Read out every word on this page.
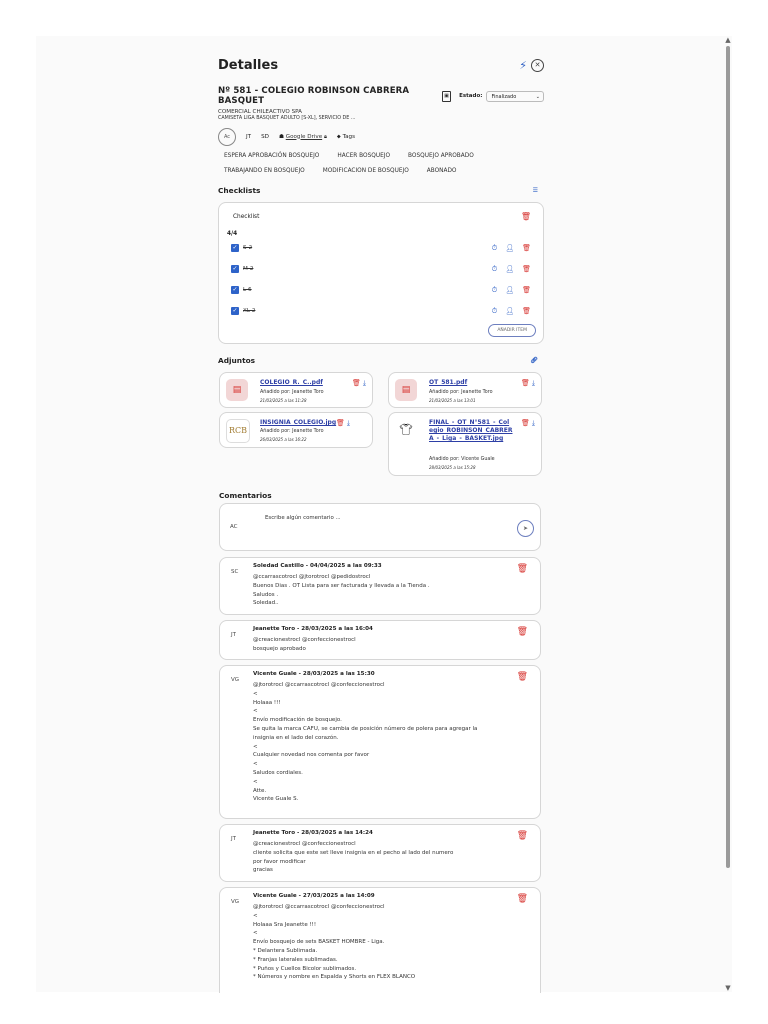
Detalles	⚡	✕
Nº 581 - COLEGIO ROBINSON CABRERA BASQUET
▣	Estado:	Finalizado	⌄
COMERCIAL CHILEACTIVO SPA
CAMISETA LIGA BASQUET ADULTO [S-XL], SERVICIO DE ...
Ac	JT SD ☗ Google Drive 🔒︎ ⬥ Tags
ESPERA APROBACIÓN BOSQUEJO	HACER BOSQUEJO	BOSQUEJO APROBADO
TRABAJANDO EN BOSQUEJO	MODIFICACION DE BOSQUEJO	ABONADO
Checklists	☰
Checklist	🗑︎
4/4
✓ S-2	⏱︎ 👤︎ 🗑︎
✓ M-2	⏱︎ 👤︎ 🗑︎
✓ L-6	⏱︎ 👤︎ 🗑︎
✓ XL-2	⏱︎ 👤︎ 🗑︎
AÑADIR ITEM
Adjuntos	🔗︎
▤
COLEGIO_R._C..pdf
Añadido por: Jeanette Toro
21/03/2025 a las 11:28
🗑︎ ⤓
▤
OT_581.pdf
Añadido por: Jeanette Toro
21/03/2025 a las 13:01
🗑︎ ⤓
RCB
INSIGNIA_COLEGIO.jpg
Añadido por: Jeanette Toro
26/03/2025 a las 16:22
🗑︎ ⤓	👕︎
FINAL_-_OT_N°581_-_Colegio_ROBINSON_CABRERA_-_Liga_-_BASKET.jpg
Añadido por: Vicente Guale
28/03/2025 a las 15:28
🗑︎ ⤓
Comentarios
AC
Escribe algún comentario ...
➤
SC
Soledad Castillo - 04/04/2025 a las 09:33	🗑︎
@ccarrascotrocl @jtorotrocl @pedidostrocl
Buenos Dias . OT Lista para ser facturada y llevada a la Tienda .
Saludos .
Soledad..
JT
Jeanette Toro - 28/03/2025 a las 16:04	🗑︎
@creacionestrocl @confeccionestrocl
bosquejo aprobado
VG
Vicente Guale - 28/03/2025 a las 15:30	🗑︎
@jtorotrocl @ccarrascotrocl @confeccionestrocl
<
Holaaa !!!
<
Envío modificación de bosquejo.
Se quita la marca CAFU, se cambia de posición número de polera para agregar la
insignia en el lado del corazón.
<
Cualquier novedad nos comenta por favor
<
Saludos cordiales.
<
Atte.
Vicente Guale S.
JT
Jeanette Toro - 28/03/2025 a las 14:24	🗑︎
@creacionestrocl @confeccionestrocl
cliente solicita que este set lleve insignia en el pecho al lado del numero
por favor modificar
gracias
VG
Vicente Guale - 27/03/2025 a las 14:09	🗑︎
@jtorotrocl @ccarrascotrocl @confeccionestrocl
<
Holaaa Sra Jeanette !!!
<
Envío bosquejo de sets BASKET HOMBRE - Liga.
* Delantera Sublimada.
* Franjas laterales sublimadas.
* Puños y Cuellos Bicolor sublimados.
* Números y nombre en Espalda y Shorts en FLEX BLANCO
▲
▼
